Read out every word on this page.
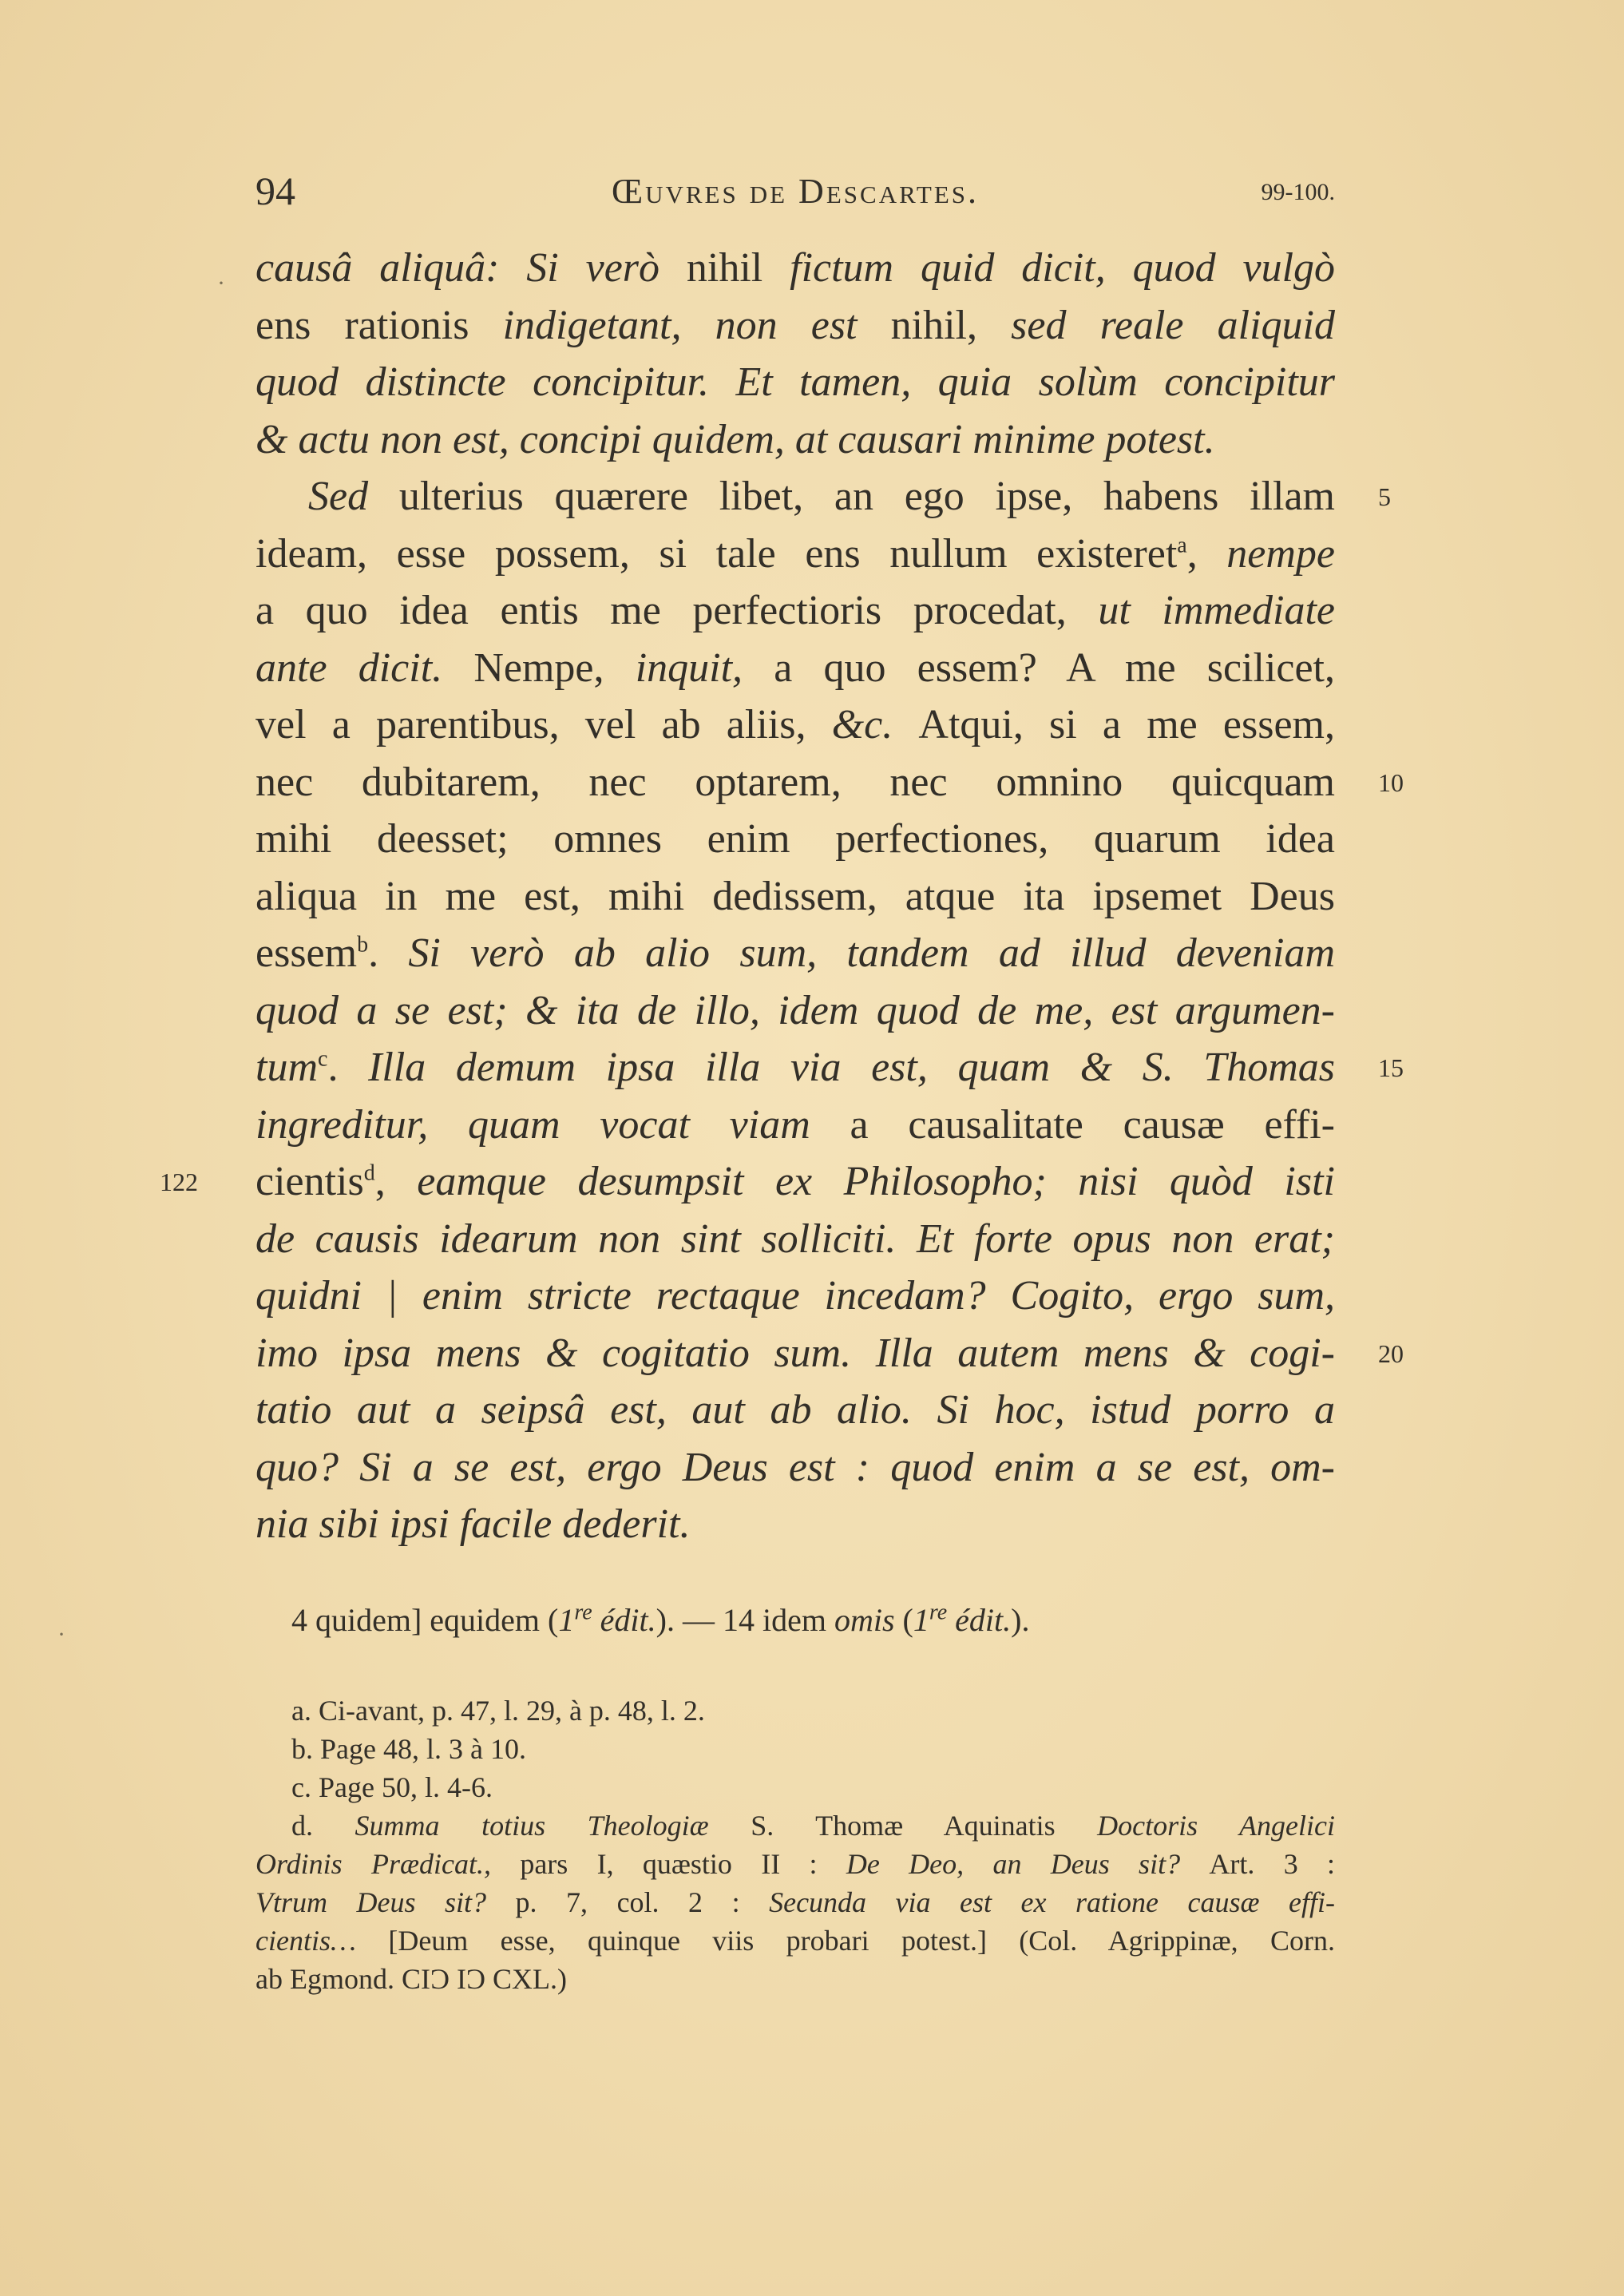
94	Œuvres de Descartes.	99-100.
causâ aliquâ: Si verò nihil fictum quid dicit, quod vulgò
ens rationis indigetant, non est nihil, sed reale aliquid
quod distincte concipitur. Et tamen, quia solùm concipitur
& actu non est, concipi quidem, at causari minime potest.
Sed ulterius quærere libet, an ego ipse, habens illam
ideam, esse possem, si tale ens nullum existeret$^a$, nempe
a quo idea entis me perfectioris procedat, ut immediate
ante dicit. Nempe, inquit, a quo essem? A me scilicet,
vel a parentibus, vel ab aliis, &c. Atqui, si a me essem,
nec dubitarem, nec optarem, nec omnino quicquam
mihi deesset; omnes enim perfectiones, quarum idea
aliqua in me est, mihi dedissem, atque ita ipsemet Deus
essem$^b$. Si verò ab alio sum, tandem ad illud deveniam
quod a se est; & ita de illo, idem quod de me, est argumen-
tum$^c$. Illa demum ipsa illa via est, quam & S. Thomas
ingreditur, quam vocat viam a causalitate causæ effi-
cientis$^d$, eamque desumpsit ex Philosopho; nisi quòd isti
de causis idearum non sint solliciti. Et forte opus non erat;
quidni | enim stricte rectaque incedam? Cogito, ergo sum,
imo ipsa mens & cogitatio sum. Illa autem mens & cogi-
tatio aut a seipsâ est, aut ab alio. Si hoc, istud porro a
quo? Si a se est, ergo Deus est : quod enim a se est, om-
nia sibi ipsi facile dederit.
5
10
15
20
122
4 quidem] equidem (1re édit.). — 14 idem omis (1re édit.).
a. Ci-avant, p. 47, l. 29, à p. 48, l. 2.
b. Page 48, l. 3 à 10.
c. Page 50, l. 4-6.
d. Summa totius Theologiæ S. Thomæ Aquinatis Doctoris Angelici
Ordinis Prædicat., pars I, quæstio II : De Deo, an Deus sit? Art. 3 :
Vtrum Deus sit? p. 7, col. 2 : Secunda via est ex ratione causæ effi-
cientis… [Deum esse, quinque viis probari potest.] (Col. Agrippinæ, Corn.
ab Egmond. CIƆ IƆ CXL.)
·
·
